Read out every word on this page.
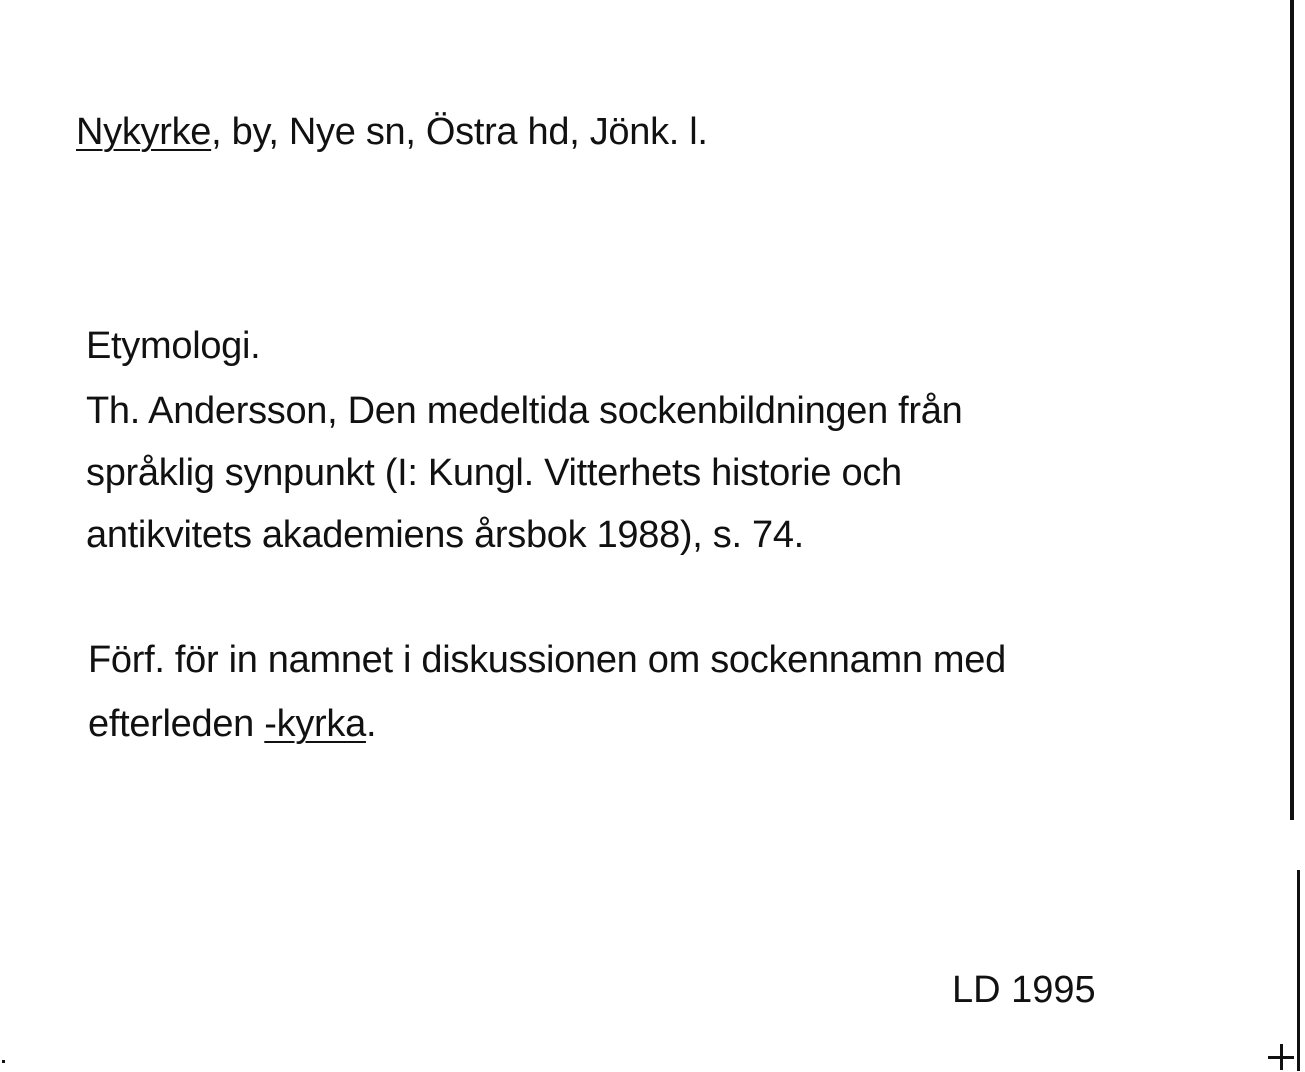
Nykyrke, by, Nye sn, Östra hd, Jönk. l.
Etymologi.
Th. Andersson, Den medeltida sockenbildningen från
språklig synpunkt (I: Kungl. Vitterhets historie och
antikvitets akademiens årsbok 1988), s. 74.
Förf. för in namnet i diskussionen om sockennamn med
efterleden -kyrka.
LD 1995
